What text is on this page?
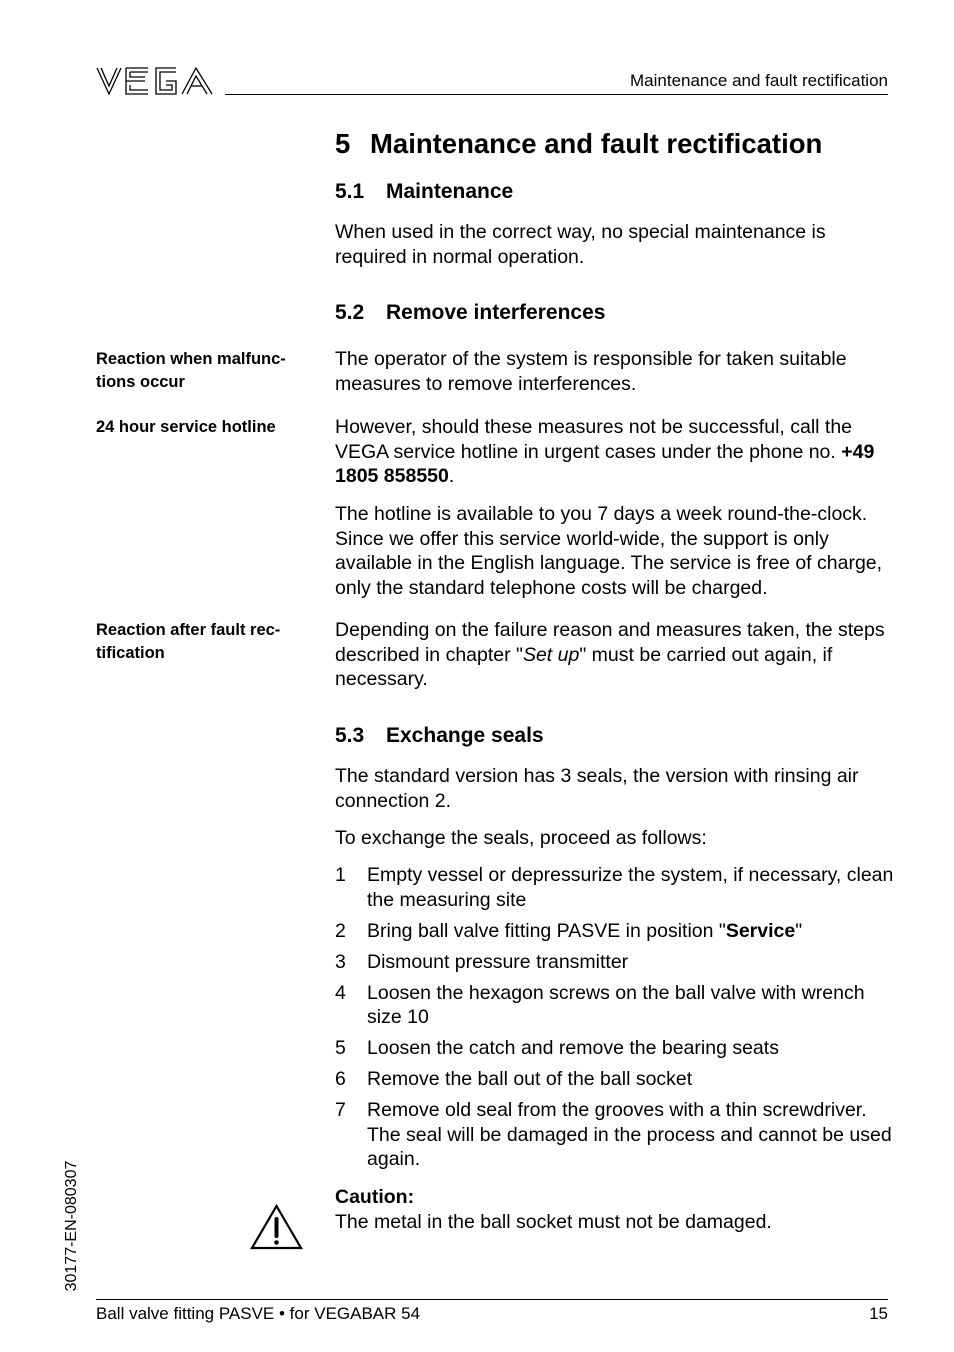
Maintenance and fault rectification
5 Maintenance and fault rectification
5.1 Maintenance
When used in the correct way, no special maintenance is required in normal operation.
5.2 Remove interferences
Reaction when malfunc-tions occur
The operator of the system is responsible for taken suitable measures to remove interferences.
24 hour service hotline	However, should these measures not be successful, call the VEGA service hotline in urgent cases under the phone no. +49 1805 858550.
The hotline is available to you 7 days a week round-the-clock. Since we offer this service world-wide, the support is only available in the English language. The service is free of charge, only the standard telephone costs will be charged.
Reaction after fault rec-tification
Depending on the failure reason and measures taken, the steps described in chapter "Set up" must be carried out again, if necessary.
5.3 Exchange seals
The standard version has 3 seals, the version with rinsing air connection 2.
To exchange the seals, proceed as follows:
1 Empty vessel or depressurize the system, if necessary, clean the measuring site
2 Bring ball valve fitting PASVE in position "Service"
3 Dismount pressure transmitter
4 Loosen the hexagon screws on the ball valve with wrench size 10
5 Loosen the catch and remove the bearing seats
6 Remove the ball out of the ball socket
7 Remove old seal from the grooves with a thin screwdriver. The seal will be damaged in the process and cannot be used again.
Caution:
The metal in the ball socket must not be damaged.
30177-EN-080307
Ball valve fitting PASVE • for VEGABAR 54	15
